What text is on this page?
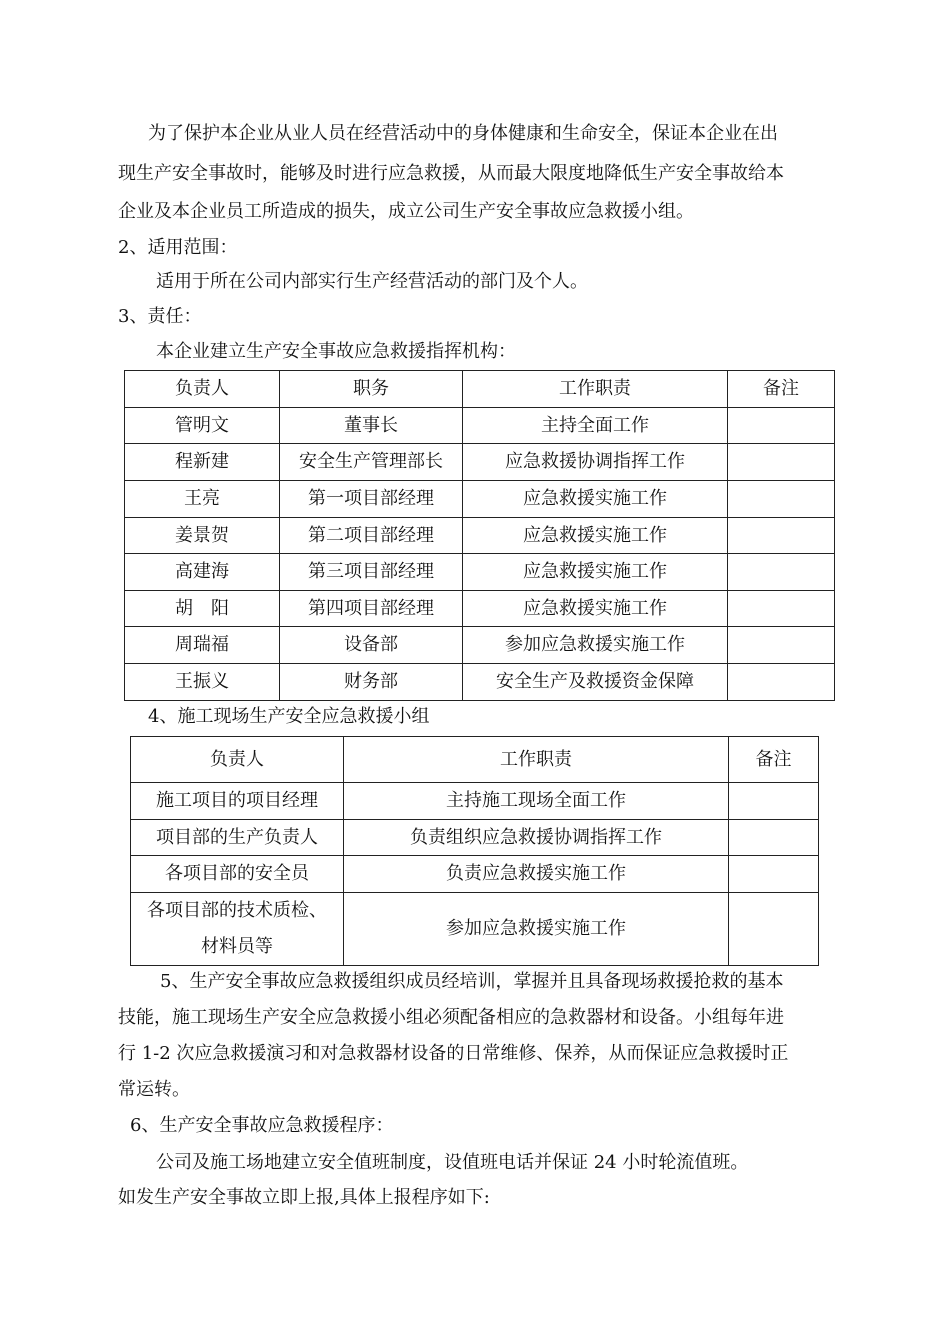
为了保护本企业从业人员在经营活动中的身体健康和生命安全，保证本企业在出
现生产安全事故时，能够及时进行应急救援，从而最大限度地降低生产安全事故给本
企业及本企业员工所造成的损失，成立公司生产安全事故应急救援小组。
2、适用范围：
适用于所在公司内部实行生产经营活动的部门及个人。
3、责任：
本企业建立生产安全事故应急救援指挥机构：
负责人	职务	工作职责	备注
管明文	董事长	主持全面工作	
程新建	安全生产管理部长	应急救援协调指挥工作	
王亮	第一项目部经理	应急救援实施工作	
姜景贺	第二项目部经理	应急救援实施工作	
高建海	第三项目部经理	应急救援实施工作	
胡　阳	第四项目部经理	应急救援实施工作	
周瑞福	设备部	参加应急救援实施工作	
王振义	财务部	安全生产及救援资金保障	
4、施工现场生产安全应急救援小组
负责人	工作职责	备注
施工项目的项目经理	主持施工现场全面工作	
项目部的生产负责人	负责组织应急救援协调指挥工作	
各项目部的安全员	负责应急救援实施工作	

各项目部的技术质检、
材料员等	参加应急救援实施工作	
5、生产安全事故应急救援组织成员经培训，掌握并且具备现场救援抢救的基本
技能，施工现场生产安全应急救援小组必须配备相应的急救器材和设备。小组每年进
行 1-2 次应急救援演习和对急救器材设备的日常维修、保养，从而保证应急救援时正
常运转。
6、生产安全事故应急救援程序：
公司及施工场地建立安全值班制度，设值班电话并保证 24 小时轮流值班。
如发生产安全事故立即上报,具体上报程序如下:
